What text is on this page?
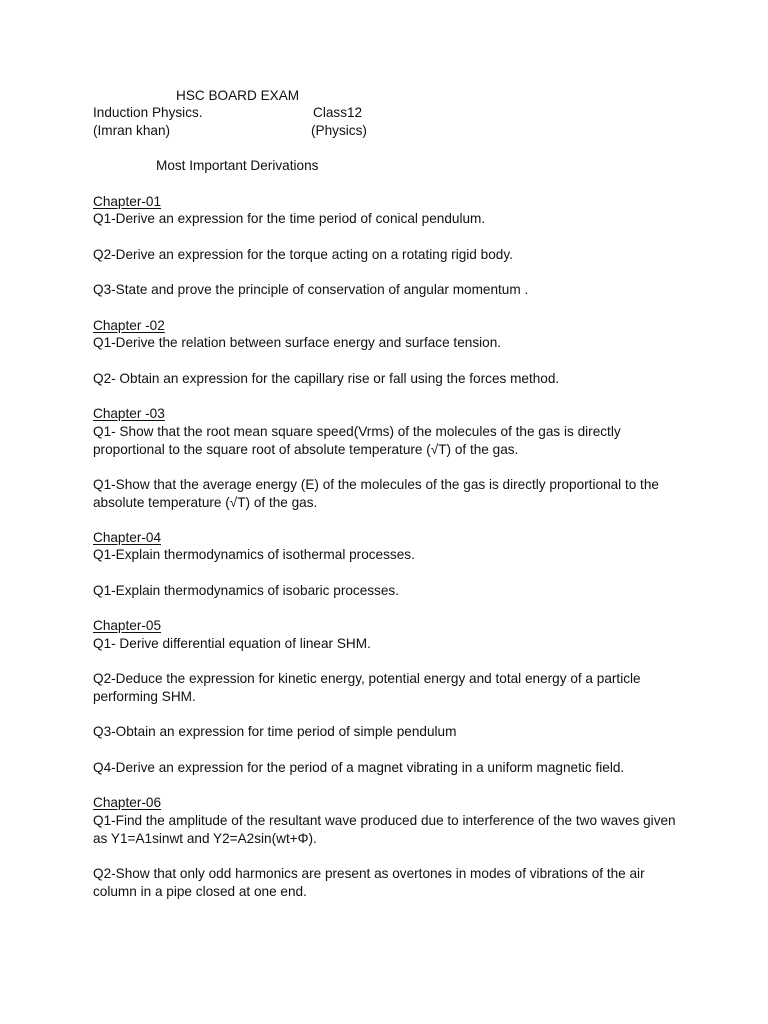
HSC BOARD EXAM
Induction Physics.	Class12
(Imran khan)	(Physics)
Most Important Derivations
Chapter-01
Q1-Derive an expression for the time period of conical pendulum.
Q2-Derive an expression for the torque acting on a rotating rigid body.
Q3-State and prove the principle of conservation of angular momentum .
Chapter -02
Q1-Derive the relation between surface energy and surface tension.
Q2- Obtain an expression for the capillary rise or fall using the forces method.
Chapter -03
Q1- Show that the root mean square speed(Vrms) of the molecules of the gas is directly proportional to the square root of absolute temperature (√T) of the gas.
Q1-Show that the average energy (E) of the molecules of the gas is directly proportional to the absolute temperature (√T) of the gas.
Chapter-04
Q1-Explain thermodynamics of isothermal processes.
Q1-Explain thermodynamics of isobaric processes.
Chapter-05
Q1- Derive differential equation of linear SHM.
Q2-Deduce the expression for kinetic energy, potential energy and total energy of a particle performing SHM.
Q3-Obtain an expression for time period of simple pendulum
Q4-Derive an expression for the period of a magnet vibrating in a uniform magnetic field.
Chapter-06
Q1-Find the amplitude of the resultant wave produced due to interference of the two waves given as Y1=A1sinwt and Y2=A2sin(wt+Φ).
Q2-Show that only odd harmonics are present as overtones in modes of vibrations of the air column in a pipe closed at one end.
